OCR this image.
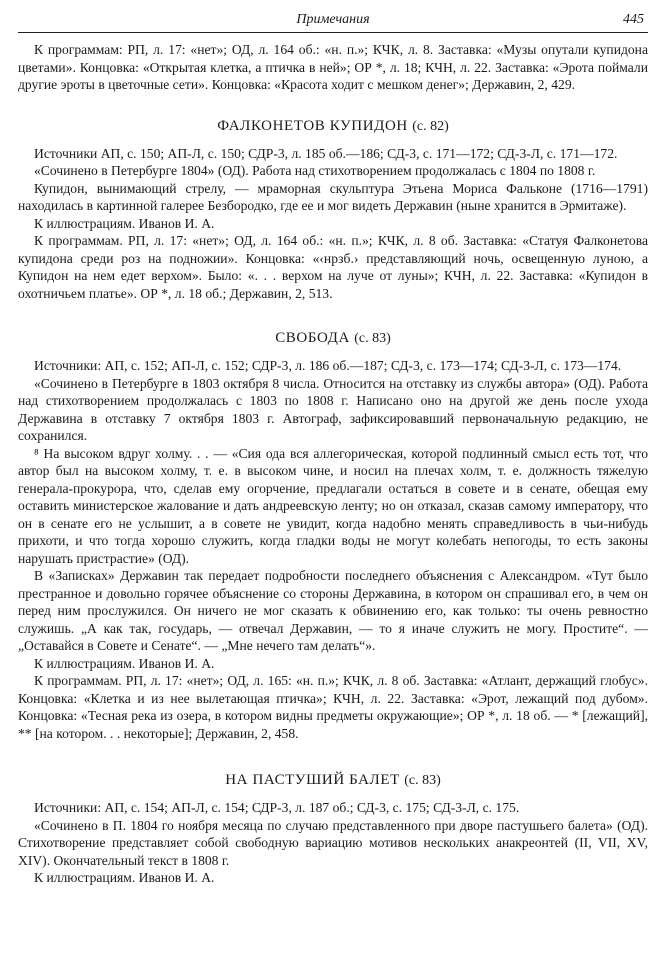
Примечания	445

К программам: РП, л. 17: «нет»; ОД, л. 164 об.: «н. п.»; КЧК, л. 8. Заставка: «Музы опутали купидона цветами». Концовка: «Открытая клетка, а птичка в ней»; ОР *, л. 18; КЧН, л. 22. Заставка: «Эрота поймали другие эроты в цветочные сети». Концовка: «Красота ходит с мешком денег»; Державин, 2, 429.

ФАЛКОНЕТОВ КУПИДОН (с. 82)

Источники АП, с. 150; АП-Л, с. 150; СДР-3, л. 185 об.—186; СД-3, с. 171—172; СД-3-Л, с. 171—172.

«Сочинено в Петербурге 1804» (ОД). Работа над стихотворением продолжалась с 1804 по 1808 г.

Купидон, вынимающий стрелу, — мраморная скульптура Этьена Мориса Фальконе (1716—1791) находилась в картинной галерее Безбородко, где ее и мог видеть Державин (ныне хранится в Эрмитаже).

К иллюстрациям. Иванов И. А.

К программам. РП, л. 17: «нет»; ОД, л. 164 об.: «н. п.»; КЧК, л. 8 об. Заставка: «Статуя Фалконетова купидона среди роз на подножии». Концовка: «‹нрзб.› представляющий ночь, освещенную луною, а Купидон на нем едет верхом». Было: «. . . верхом на луче от луны»; КЧН, л. 22. Заставка: «Купидон в охотничьем платье». ОР *, л. 18 об.; Державин, 2, 513.

СВОБОДА (с. 83)

Источники: АП, с. 152; АП-Л, с. 152; СДР-3, л. 186 об.—187; СД-3, с. 173—174; СД-3-Л, с. 173—174.

«Сочинено в Петербурге в 1803 октября 8 числа. Относится на отставку из службы автора» (ОД). Работа над стихотворением продолжалась с 1803 по 1808 г. Написано оно на другой же день после ухода Державина в отставку 7 октября 1803 г. Автограф, зафиксировавший первоначальную редакцию, не сохранился.

⁸ На высоком вдруг холму. . . — «Сия ода вся аллегорическая, которой подлинный смысл есть тот, что автор был на высоком холму, т. е. в высоком чине, и носил на плечах холм, т. е. должность тяжелую генерала-прокурора, что, сделав ему огорчение, предлагали остаться в совете и в сенате, обещая ему оставить министерское жалование и дать андреевскую ленту; но он отказал, сказав самому императору, что он в сенате его не услышит, а в совете не увидит, когда надобно менять справедливость в чьи-нибудь прихоти, и что тогда хорошо служить, когда гладки воды не могут колебать непогоды, то есть законы нарушать пристрастие» (ОД).

В «Записках» Державин так передает подробности последнего объяснения с Александром. «Тут было престранное и довольно горячее объяснение со стороны Державина, в котором он спрашивал его, в чем он перед ним прослужился. Он ничего не мог сказать к обвинению его, как только: ты очень ревностно служишь. „А как так, государь, — отвечал Державин, — то я иначе служить не могу. Простите“. — „Оставайся в Совете и Сенате“. — „Мне нечего там делать“».

К иллюстрациям. Иванов И. А.

К программам. РП, л. 17: «нет»; ОД, л. 165: «н. п.»; КЧК, л. 8 об. Заставка: «Атлант, держащий глобус». Концовка: «Клетка и из нее вылетающая птичка»; КЧН, л. 22. Заставка: «Эрот, лежащий под дубом». Концовка: «Тесная река из озера, в котором видны предметы окружающие»; ОР *, л. 18 об. — * [лежащий], ** [на котором. . . некоторые]; Державин, 2, 458.

НА ПАСТУШИЙ БАЛЕТ (с. 83)

Источники: АП, с. 154; АП-Л, с. 154; СДР-3, л. 187 об.; СД-3, с. 175; СД-3-Л, с. 175.

«Сочинено в П. 1804 го ноября месяца по случаю представленного при дворе пастушьего балета» (ОД). Стихотворение представляет собой свободную вариацию мотивов нескольких анакреонтей (II, VII, XV, XIV). Окончательный текст в 1808 г.

К иллюстрациям. Иванов И. А.
